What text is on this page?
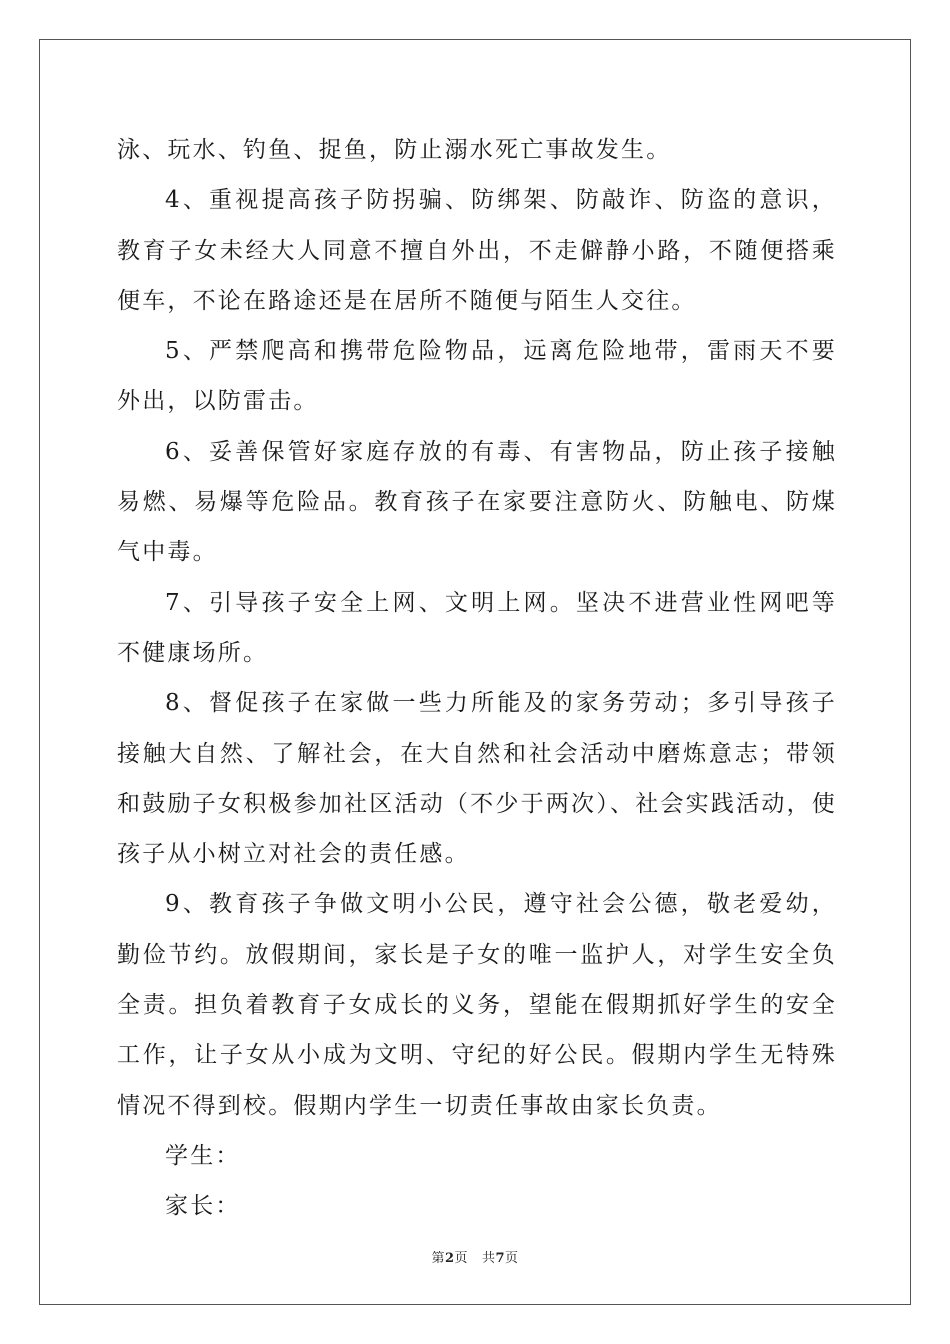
泳、玩水、钓鱼、捉鱼，防止溺水死亡事故发生。

4、重视提高孩子防拐骗、防绑架、防敲诈、防盗的意识，教育子女未经大人同意不擅自外出，不走僻静小路，不随便搭乘便车，不论在路途还是在居所不随便与陌生人交往。

5、严禁爬高和携带危险物品，远离危险地带，雷雨天不要外出，以防雷击。

6、妥善保管好家庭存放的有毒、有害物品，防止孩子接触易燃、易爆等危险品。教育孩子在家要注意防火、防触电、防煤气中毒。

7、引导孩子安全上网、文明上网。坚决不进营业性网吧等不健康场所。

8、督促孩子在家做一些力所能及的家务劳动；多引导孩子接触大自然、了解社会，在大自然和社会活动中磨炼意志；带领和鼓励子女积极参加社区活动（不少于两次）、社会实践活动，使孩子从小树立对社会的责任感。

9、教育孩子争做文明小公民，遵守社会公德，敬老爱幼，勤俭节约。放假期间，家长是子女的唯一监护人，对学生安全负全责。担负着教育子女成长的义务，望能在假期抓好学生的安全工作，让子女从小成为文明、守纪的好公民。假期内学生无特殊情况不得到校。假期内学生一切责任事故由家长负责。

学生：

家长：

第2页 共7页
